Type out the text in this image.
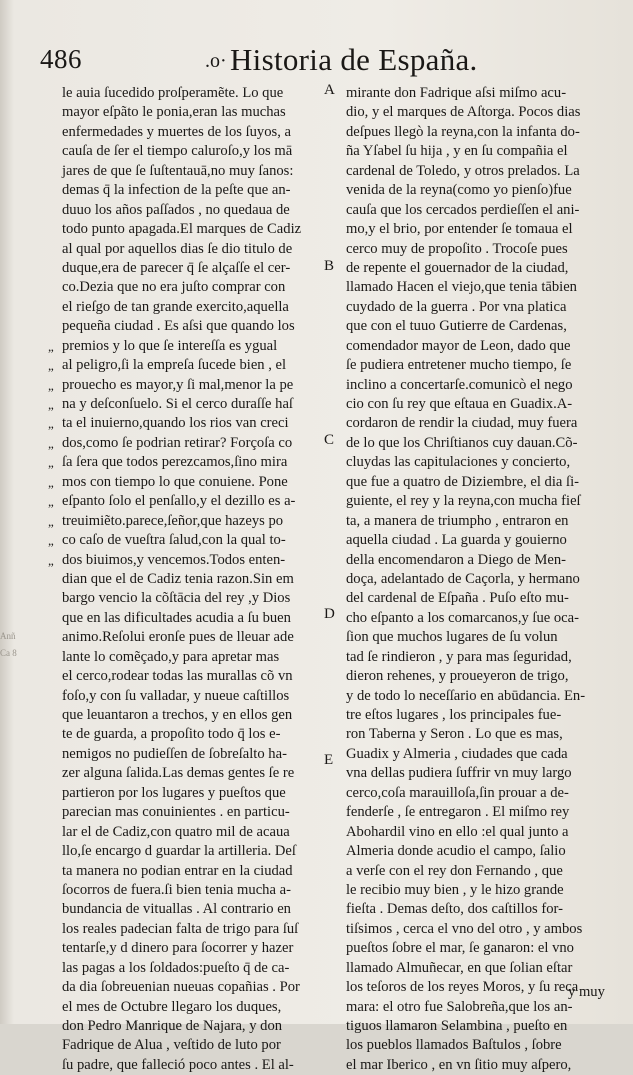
Anñ
Ca 8
486	.o· Historia de España.
„
„
„
„
„
„
„
„
„
„
„
„
le auia ſucedido proſperamẽte. Lo que
mayor eſpãto le ponia,eran las muchas
enfermedades y muertes de los ſuyos, a
cauſa de ſer el tiempo caluroſo,y los mā
jares de que ſe ſuſtentauā,no muy ſanos:
demas q̄ la infection de la peſte que an-
duuo los años paſſados , no quedaua de
todo punto apagada.El marques de Cadiz
al qual por aquellos dias ſe dio titulo de
duque,era de parecer q̄ ſe alçaſſe el cer-
co.Dezia que no era juſto comprar con
el rieſgo de tan grande exercito,aquella
pequeña ciudad . Es aſsi que quando los
premios y lo que ſe intereſſa es ygual
al peligro,ſi la empreſa ſucede bien , el
prouecho es mayor,y ſi mal,menor la pe
na y deſconſuelo. Si el cerco duraſſe haſ
ta el inuierno,quando los rios van creci
dos,como ſe podrian retirar? Forçoſa co
ſa ſera que todos perezcamos,ſino mira
mos con tiempo lo que conuiene. Pone
eſpanto ſolo el penſallo,y el dezillo es a-
treuimiẽto.parece,ſeñor,que hazeys po
co caſo de vueſtra ſalud,con la qual to-
dos biuimos,y vencemos.Todos enten-
dian que el de Cadiz tenia razon.Sin em
bargo vencio la cõſtācia del rey ,y Dios
que en las dificultades acudia a ſu buen
animo.Reſolui eronſe pues de lleuar ade
lante lo comẽçado,y para apretar mas
el cerco,rodear todas las murallas cõ vn
foſo,y con ſu valladar, y nueue caſtillos
que leuantaron a trechos, y en ellos gen
te de guarda, a propoſito todo q̄ los e-
nemigos no pudieſſen de ſobreſalto ha-
zer alguna ſalida.Las demas gentes ſe re
partieron por los lugares y pueſtos que
parecian mas conuinientes . en particu-
lar el de Cadiz,con quatro mil de acaua
llo,ſe encargo d guardar la artilleria. Deſ
ta manera no podian entrar en la ciudad
ſocorros de fuera.ſi bien tenia mucha a-
bundancia de vituallas . Al contrario en
los reales padecian falta de trigo para ſuſ
tentarſe,y d dinero para ſocorrer y hazer
las pagas a los ſoldados:pueſto q̄ de ca-
da dia ſobreuenian nueuas copañias . Por
el mes de Octubre llegaro los duques,
don Pedro Manrique de Najara, y don
Fadrique de Alua , veſtido de luto por
ſu padre, que falleció poco antes . El al-
A
B
C
D
E
mirante don Fadrique aſsi miſmo acu-
dio, y el marques de Aſtorga. Pocos dias
deſpues llegò la reyna,con la infanta do-
ña Yſabel ſu hija , y en ſu compañia el
cardenal de Toledo, y otros prelados. La
venida de la reyna(como yo pienſo)fue
cauſa que los cercados perdieſſen el ani-
mo,y el brio, por entender ſe tomaua el
cerco muy de propoſito . Trocoſe pues
de repente el gouernador de la ciudad,
llamado Hacen el viejo,que tenia tābien
cuydado de la guerra . Por vna platica
que con el tuuo Gutierre de Cardenas,
comendador mayor de Leon, dado que
ſe pudiera entretener mucho tiempo, ſe
inclino a concertarſe.comunicò el nego
cio con ſu rey que eſtaua en Guadix.A-
cordaron de rendir la ciudad, muy fuera
de lo que los Chriſtianos cuy dauan.Cõ-
cluydas las capitulaciones y concierto,
que fue a quatro de Diziembre, el dia ſi-
guiente, el rey y la reyna,con mucha fieſ
ta, a manera de triumpho , entraron en
aquella ciudad . La guarda y gouierno
della encomendaron a Diego de Men-
doça, adelantado de Caçorla, y hermano
del cardenal de Eſpaña . Puſo eſto mu-
cho eſpanto a los comarcanos,y ſue oca-
ſion que muchos lugares de ſu volun
tad ſe rindieron , y para mas ſeguridad,
dieron rehenes, y proueyeron de trigo,
y de todo lo neceſſario en abūdancia. En-
tre eſtos lugares , los principales fue-
ron Taberna y Seron . Lo que es mas,
Guadix y Almeria , ciudades que cada
vna dellas pudiera ſuffrir vn muy largo
cerco,coſa marauilloſa,ſin prouar a de-
fenderſe , ſe entregaron . El miſmo rey
Abohardil vino en ello :el qual junto a
Almeria donde acudio el campo, ſalio
a verſe con el rey don Fernando , que
le recibio muy bien , y le hizo grande
fieſta . Demas deſto, dos caſtillos for-
tiſsimos , cerca el vno del otro , y ambos
pueſtos ſobre el mar, ſe ganaron: el vno
llamado Almuñecar, en que ſolian eſtar
los teſoros de los reyes Moros, y ſu reca
mara: el otro fue Salobreña,que los an-
tiguos llamaron Selambina , pueſto en
los pueblos llamados Baſtulos , ſobre
el mar Iberico , en vn ſitio muy aſpero,
y muy
